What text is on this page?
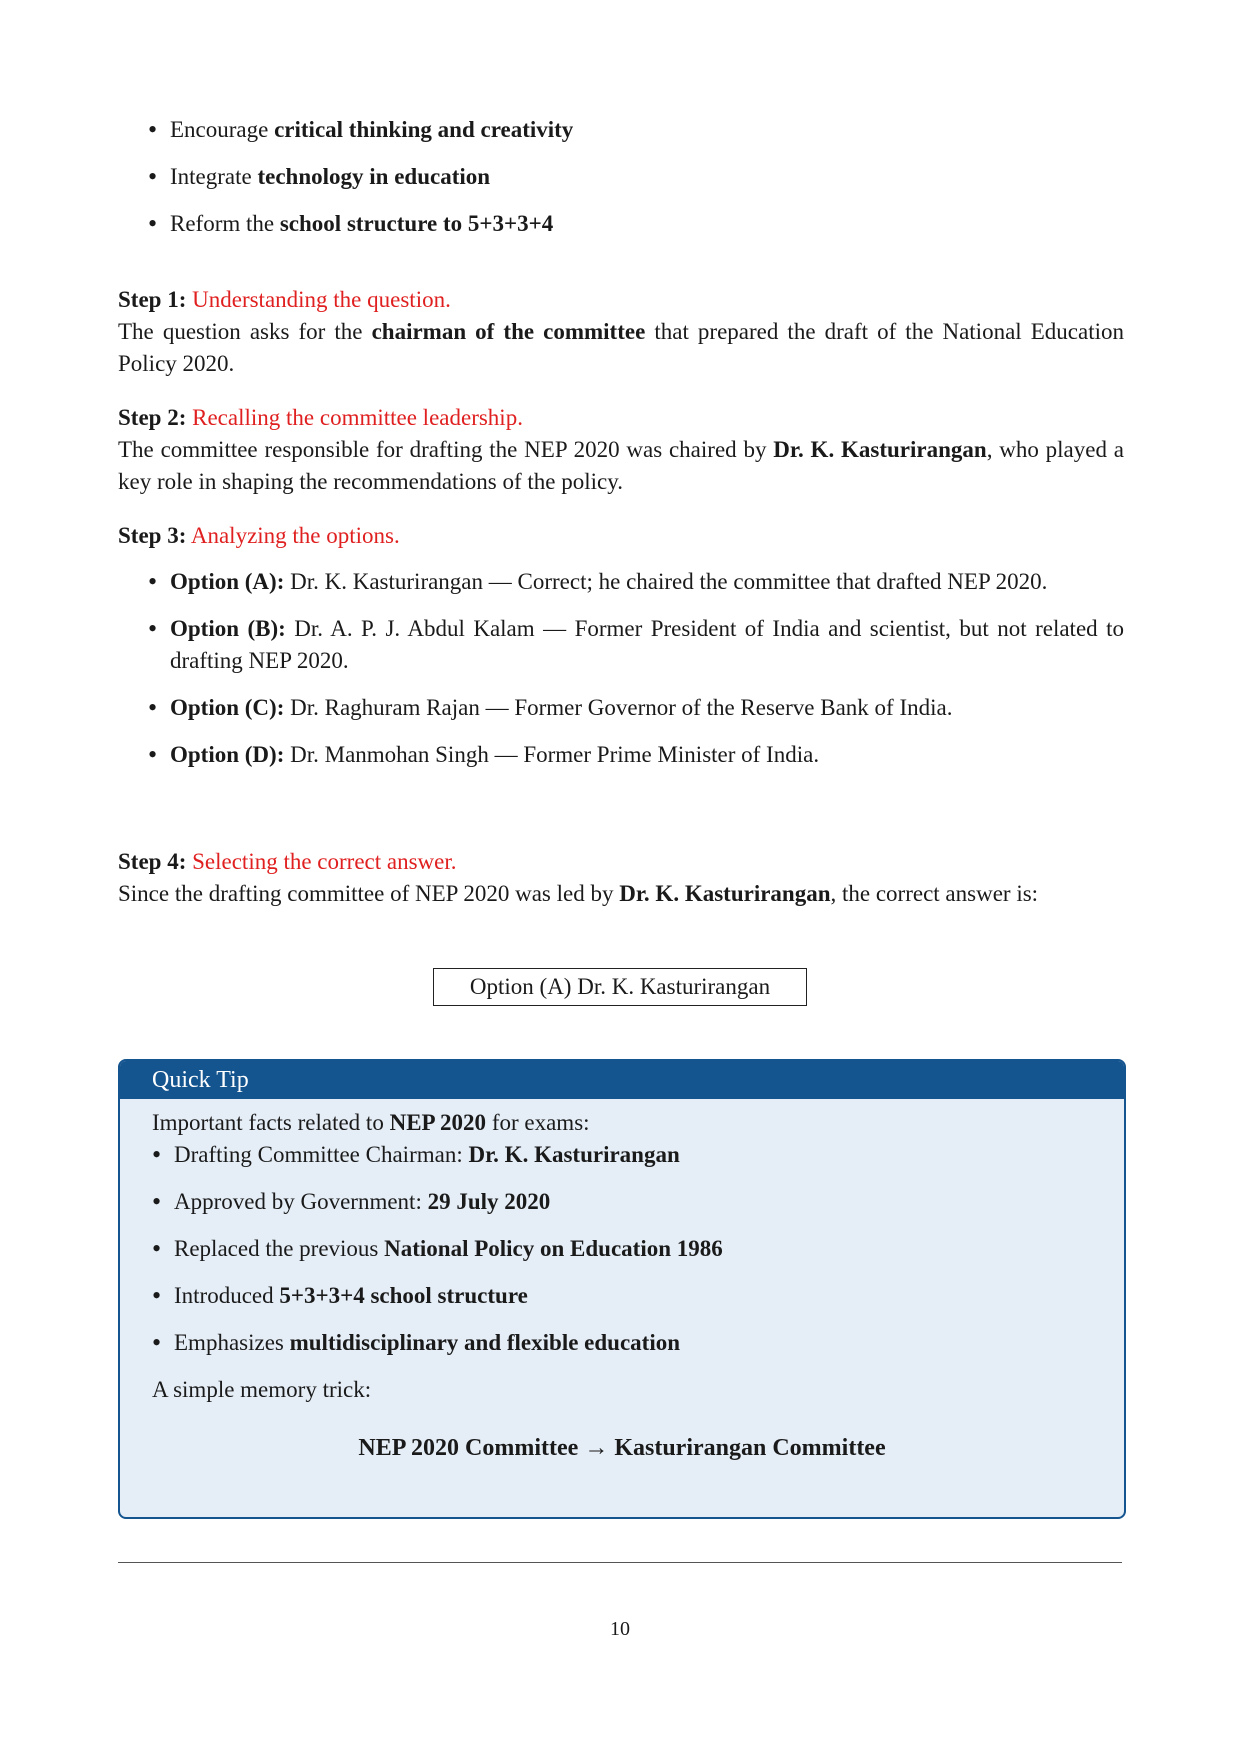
• Encourage critical thinking and creativity
• Integrate technology in education
• Reform the school structure to 5+3+3+4
Step 1: Understanding the question.
The question asks for the chairman of the committee that prepared the draft of the National Education Policy 2020.
Step 2: Recalling the committee leadership.
The committee responsible for drafting the NEP 2020 was chaired by Dr. K. Kasturirangan, who played a key role in shaping the recommendations of the policy.
Step 3: Analyzing the options.
• Option (A): Dr. K. Kasturirangan — Correct; he chaired the committee that drafted NEP 2020.
• Option (B): Dr. A. P. J. Abdul Kalam — Former President of India and scientist, but not related to drafting NEP 2020.
• Option (C): Dr. Raghuram Rajan — Former Governor of the Reserve Bank of India.
• Option (D): Dr. Manmohan Singh — Former Prime Minister of India.
Step 4: Selecting the correct answer.
Since the drafting committee of NEP 2020 was led by Dr. K. Kasturirangan, the correct answer is:
Option (A) Dr. K. Kasturirangan
Quick Tip
Important facts related to NEP 2020 for exams:
• Drafting Committee Chairman: Dr. K. Kasturirangan
• Approved by Government: 29 July 2020
• Replaced the previous National Policy on Education 1986
• Introduced 5+3+3+4 school structure
• Emphasizes multidisciplinary and flexible education
A simple memory trick:
NEP 2020 Committee → Kasturirangan Committee
10
